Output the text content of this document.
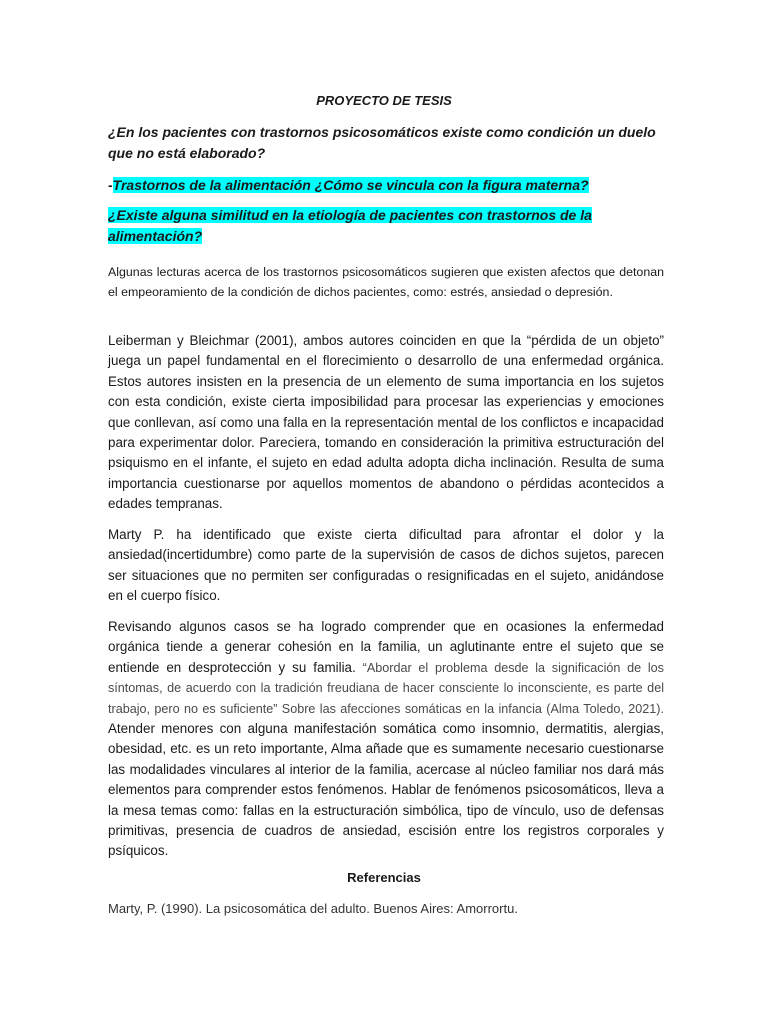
PROYECTO DE TESIS
¿En los pacientes con trastornos psicosomáticos existe como condición un duelo que no está elaborado?
-Trastornos de la alimentación ¿Cómo se vincula con la figura materna?
¿Existe alguna similitud en la etiología de pacientes con trastornos de la alimentación?

Algunas lecturas acerca de los trastornos psicosomáticos sugieren que existen afectos que detonan el empeoramiento de la condición de dichos pacientes, como: estrés, ansiedad o depresión.

Leiberman y Bleichmar (2001), ambos autores coinciden en que la “pérdida de un objeto” juega un papel fundamental en el florecimiento o desarrollo de una enfermedad orgánica. Estos autores insisten en la presencia de un elemento de suma importancia en los sujetos con esta condición, existe cierta imposibilidad para procesar las experiencias y emociones que conllevan, así como una falla en la representación mental de los conflictos e incapacidad para experimentar dolor. Pareciera, tomando en consideración la primitiva estructuración del psiquismo en el infante, el sujeto en edad adulta adopta dicha inclinación. Resulta de suma importancia cuestionarse por aquellos momentos de abandono o pérdidas acontecidos a edades tempranas.

Marty P. ha identificado que existe cierta dificultad para afrontar el dolor y la ansiedad(incertidumbre) como parte de la supervisión de casos de dichos sujetos, parecen ser situaciones que no permiten ser configuradas o resignificadas en el sujeto, anidándose en el cuerpo físico.

Revisando algunos casos se ha logrado comprender que en ocasiones la enfermedad orgánica tiende a generar cohesión en la familia, un aglutinante entre el sujeto que se entiende en desprotección y su familia. “Abordar el problema desde la significación de los síntomas, de acuerdo con la tradición freudiana de hacer consciente lo inconsciente, es parte del trabajo, pero no es suficiente” Sobre las afecciones somáticas en la infancia (Alma Toledo, 2021). Atender menores con alguna manifestación somática como insomnio, dermatitis, alergias, obesidad, etc. es un reto importante, Alma añade que es sumamente necesario cuestionarse las modalidades vinculares al interior de la familia, acercase al núcleo familiar nos dará más elementos para comprender estos fenómenos. Hablar de fenómenos psicosomáticos, lleva a la mesa temas como: fallas en la estructuración simbólica, tipo de vínculo, uso de defensas primitivas, presencia de cuadros de ansiedad, escisión entre los registros corporales y psíquicos.

Referencias
Marty, P. (1990). La psicosomática del adulto. Buenos Aires: Amorrortu.
